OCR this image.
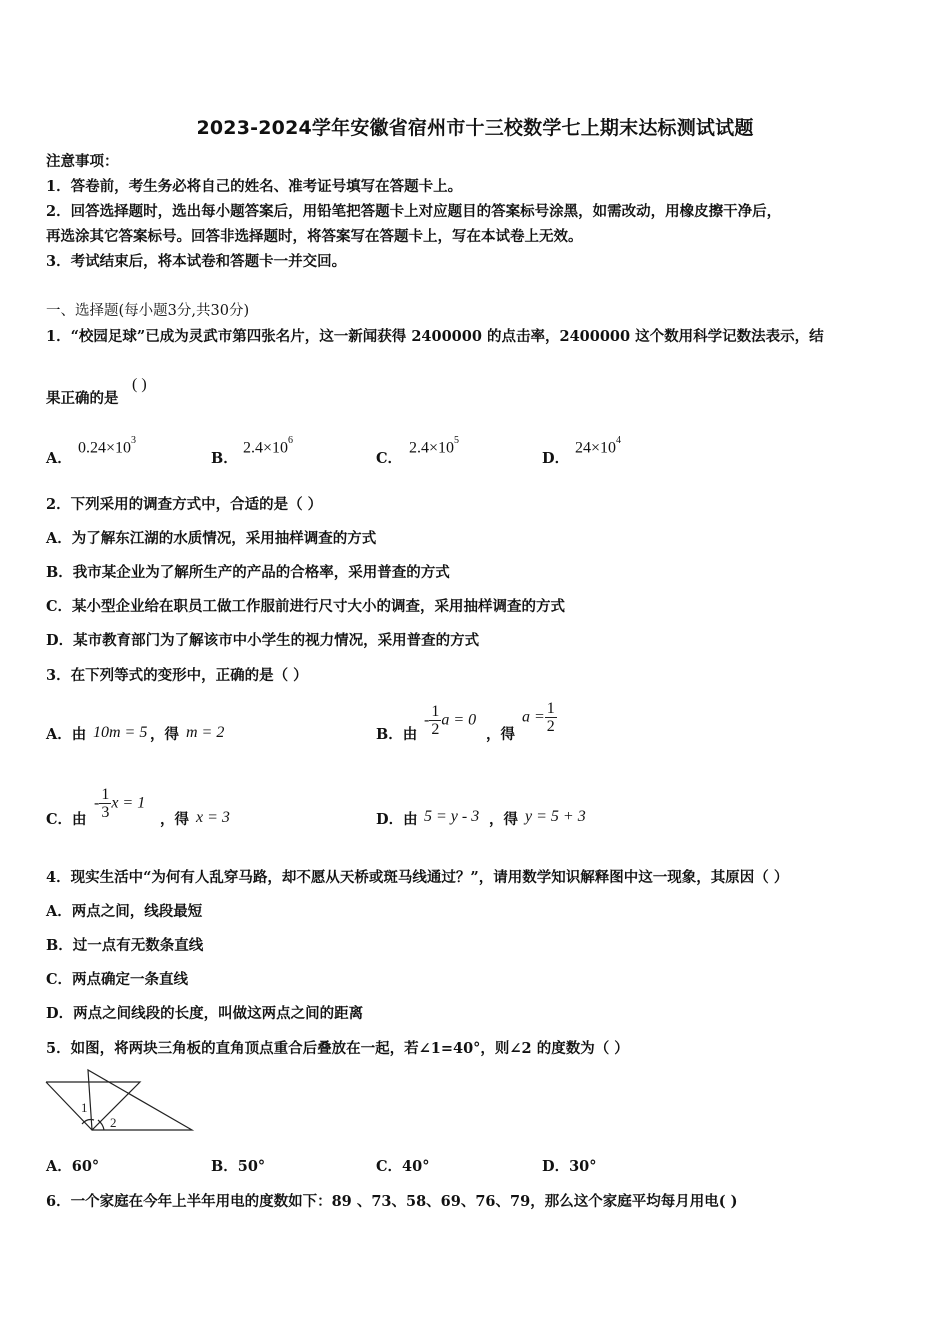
2023-2024学年安徽省宿州市十三校数学七上期末达标测试试题
注意事项：
1．答卷前，考生务必将自己的姓名、准考证号填写在答题卡上。
2．回答选择题时，选出每小题答案后，用铅笔把答题卡上对应题目的答案标号涂黑，如需改动，用橡皮擦干净后，
再选涂其它答案标号。回答非选择题时，将答案写在答题卡上，写在本试卷上无效。
3．考试结束后，将本试卷和答题卡一并交回。
一、选择题(每小题3分,共30分)
1．“校园足球”已成为灵武市第四张名片，这一新闻获得 2400000 的点击率，2400000 这个数用科学记数法表示，结
果正确的是
( )
A．
$0.24\times 10^3$
B．
$2.4\times 10^6$
C．
$2.4\times 10^5$
D．
$24\times 10^4$
2．下列采用的调查方式中，合适的是（ ）
A．为了解东江湖的水质情况，采用抽样调查的方式
B．我市某企业为了解所生产的产品的合格率，采用普查的方式
C．某小型企业给在职员工做工作服前进行尺寸大小的调查，采用抽样调查的方式
D．某市教育部门为了解该市中小学生的视力情况，采用普查的方式
3．在下列等式的变形中，正确的是（ ）
A．由 10m = 5 ，得 m = 2	B．由
- $\frac{1}{2}$ a = 0
，得
$a = \frac{1}{2}$
C．由
- $\frac{1}{3}$ x = 1
，得 x = 3	D．由 5 = y - 3 ，得 y = 5 + 3
4．现实生活中“为何有人乱穿马路，却不愿从天桥或斑马线通过？”，请用数学知识解释图中这一现象，其原因（ ）
A．两点之间，线段最短
B．过一点有无数条直线
C．两点确定一条直线
D．两点之间线段的长度，叫做这两点之间的距离
5．如图，将两块三角板的直角顶点重合后叠放在一起，若∠1=40°，则∠2 的度数为（ ）
1
2
A．60°	B．50°	C．40°	D．30°
6．一个家庭在今年上半年用电的度数如下：89 、73、58、69、76、79，那么这个家庭平均每月用电( )
